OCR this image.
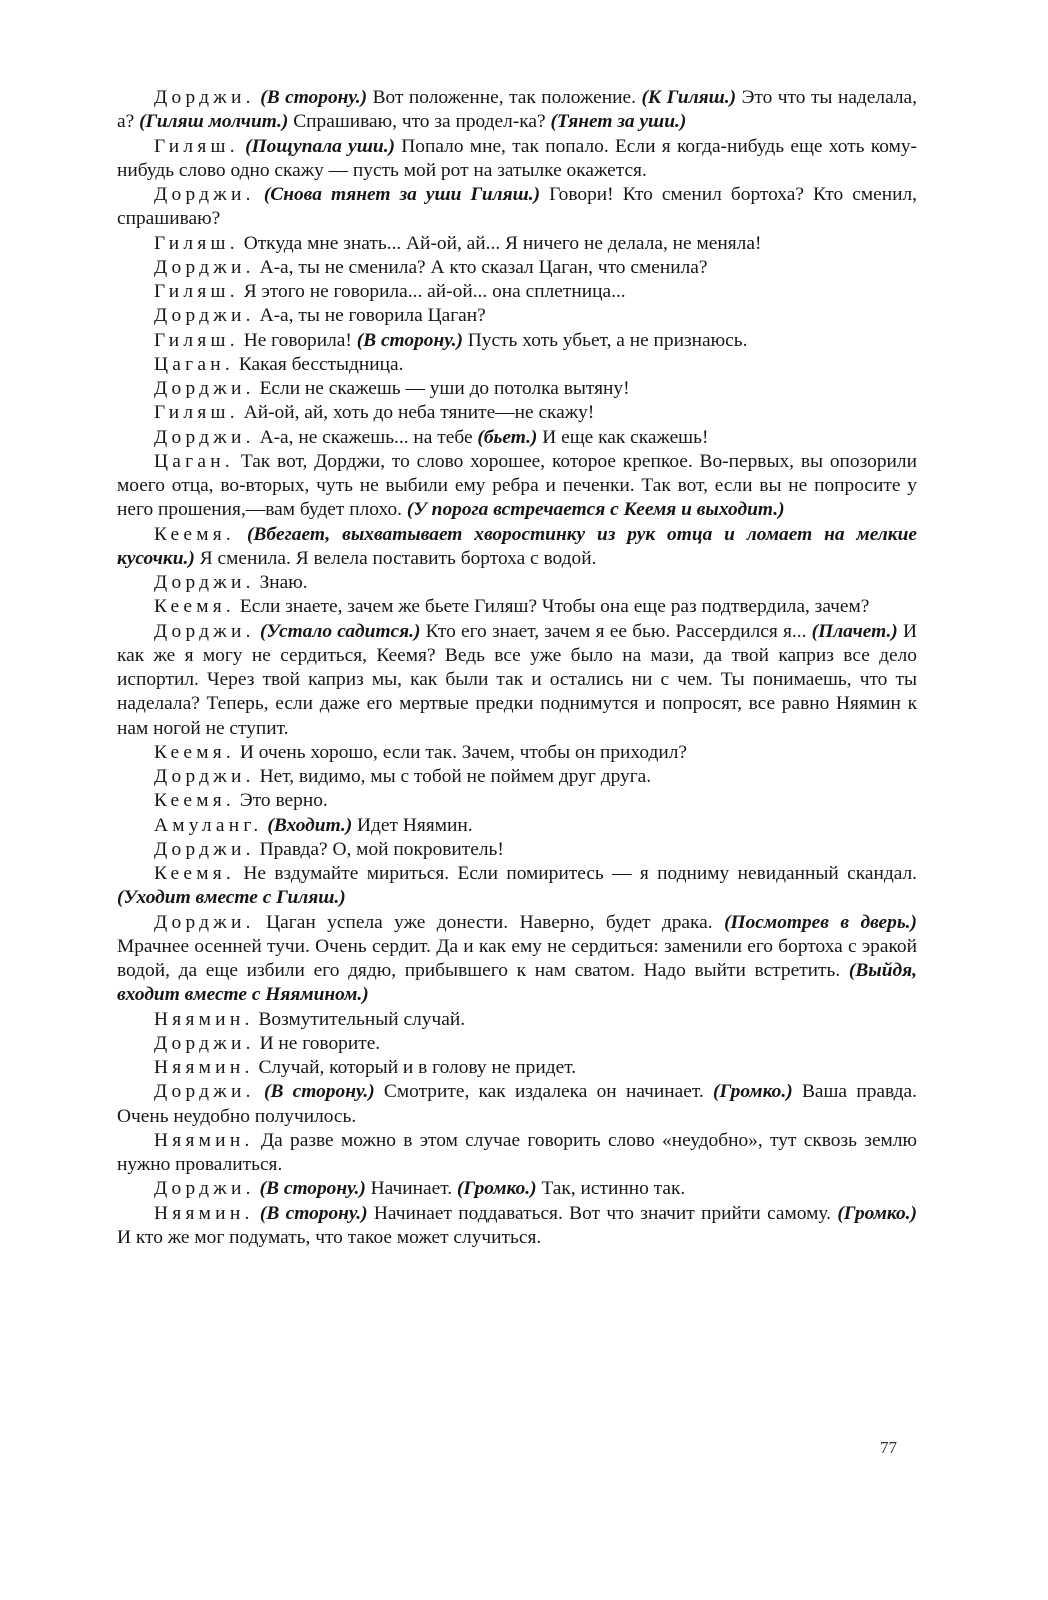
Дорджи. (В сторону.) Вот положенне, так положение. (К Гиляш.) Это что ты наделала, а? (Гиляш молчит.) Спрашиваю, что за продел-ка? (Тянет за уши.)

Гиляш. (Пощупала уши.) Попало мне, так попало. Если я когда-нибудь еще хоть кому-нибудь слово одно скажу — пусть мой рот на затылке окажется.

Дорджи. (Снова тянет за уши Гиляш.) Говори! Кто сменил бортоха? Кто сменил, спрашиваю?

Гиляш. Откуда мне знать... Ай-ой, ай... Я ничего не делала, не меняла!

Дорджи. А-а, ты не сменила? А кто сказал Цаган, что сменила?

Гиляш. Я этого не говорила... ай-ой... она сплетница...

Дорджи. А-а, ты не говорила Цаган?

Гиляш. Не говорила! (В сторону.) Пусть хоть убьет, а не признаюсь.

Цаган. Какая бесстыдница.

Дорджи. Если не скажешь — уши до потолка вытяну!

Гиляш. Ай-ой, ай, хоть до неба тяните—не скажу!

Дорджи. А-а, не скажешь... на тебе (бьет.) И еще как скажешь!

Цаган. Так вот, Дорджи, то слово хорошее, которое крепкое. Во-первых, вы опозорили моего отца, во-вторых, чуть не выбили ему ребра и печенки. Так вот, если вы не попросите у него прошения,—вам будет плохо. (У порога встречается с Кеемя и выходит.)

Кеемя. (Вбегает, выхватывает хворостинку из рук отца и ломает на мелкие кусочки.) Я сменила. Я велела поставить бортоха с водой.

Дорджи. Знаю.

Кеемя. Если знаете, зачем же бьете Гиляш? Чтобы она еще раз подтвердила, зачем?

Дорджи. (Устало садится.) Кто его знает, зачем я ее бью. Рассердился я... (Плачет.) И как же я могу не сердиться, Кеемя? Ведь все уже было на мази, да твой каприз все дело испортил. Через твой каприз мы, как были так и остались ни с чем. Ты понимаешь, что ты наделала? Теперь, если даже его мертвые предки поднимутся и попросят, все равно Няямин к нам ногой не ступит.

Кеемя. И очень хорошо, если так. Зачем, чтобы он приходил?

Дорджи. Нет, видимо, мы с тобой не поймем друг друга.

Кеемя. Это верно.

Амуланг. (Входит.) Идет Няямин.

Дорджи. Правда? О, мой покровитель!

Кеемя. Не вздумайте мириться. Если помиритесь — я подниму невиданный скандал. (Уходит вместе с Гиляш.)

Дорджи. Цаган успела уже донести. Наверно, будет драка. (Посмотрев в дверь.) Мрачнее осенней тучи. Очень сердит. Да и как ему не сердиться: заменили его бортоха с эракой водой, да еще избили его дядю, прибывшего к нам сватом. Надо выйти встретить. (Выйдя, входит вместе с Няямином.)

Няямин. Возмутительный случай.

Дорджи. И не говорите.

Няямин. Случай, который и в голову не придет.

Дорджи. (В сторону.) Смотрите, как издалека он начинает. (Громко.) Ваша правда. Очень неудобно получилось.

Няямин. Да разве можно в этом случае говорить слово «неудобно», тут сквозь землю нужно провалиться.

Дорджи. (В сторону.) Начинает. (Громко.) Так, истинно так.

Няямин. (В сторону.) Начинает поддаваться. Вот что значит прийти самому. (Громко.) И кто же мог подумать, что такое может случиться.

77
